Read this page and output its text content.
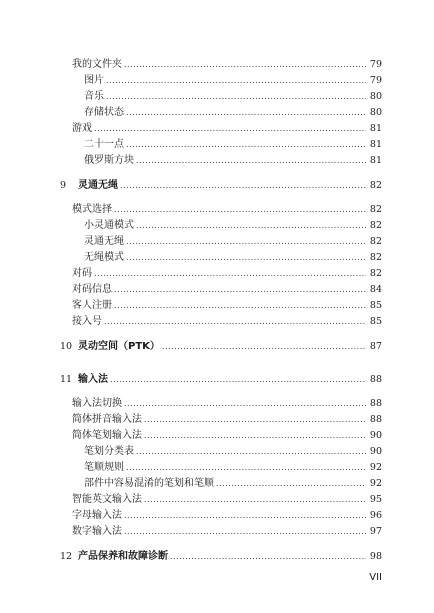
我的文件夹 .....	79
图片 .....	79
音乐 .....	80
存储状态 .....	80
游戏 .....	81
二十一点 .....	81
俄罗斯方块 .....	81
9	灵通无绳 .....	82
模式选择 .....	82
小灵通模式 .....	82
灵通无绳 .....	82
无绳模式 .....	82
对码 .....	82
对码信息 .....	84
客人注册 .....	85
接入号 .....	85
10 灵动空间（PTK） .....	87
11 输入法 .....	88
输入法切换 .....	88
简体拼音输入法 .....	88
简体笔划输入法 .....	90
笔划分类表 .....	90
笔顺规则 .....	92
部件中容易混淆的笔划和笔顺 .....	92
智能英文输入法 .....	95
字母输入法 .....	96
数字输入法 .....	97
12 产品保养和故障诊断 .....	98
VII
